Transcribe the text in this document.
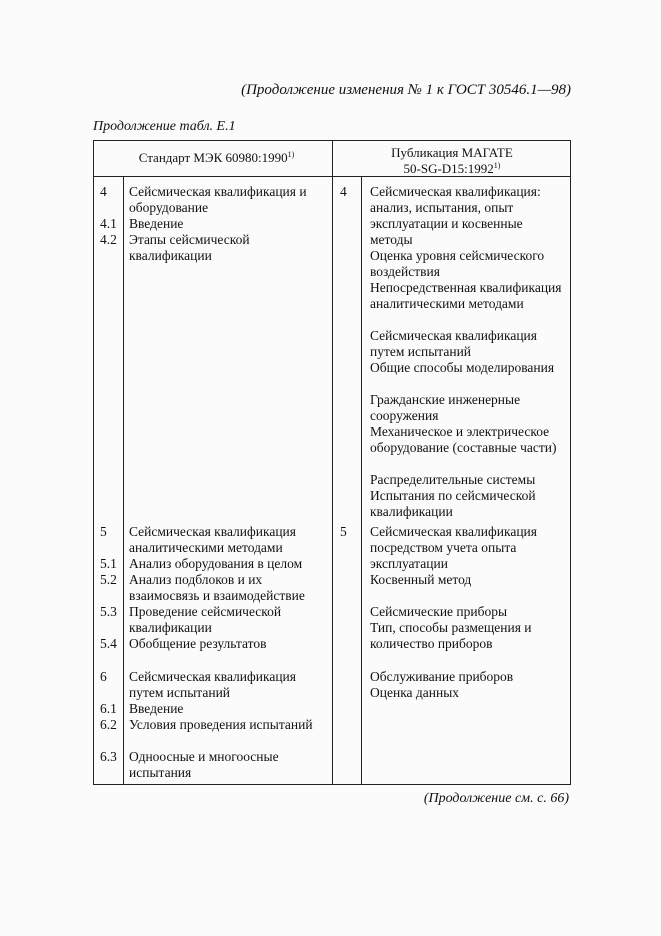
(Продолжение изменения № 1 к ГОСТ 30546.1—98)
Продолжение табл. Е.1
Стандарт МЭК 60980:1990$^{1)}$	Публикация МАГАТЕ
50-SG-D15:1992$^{1)}$
4 Сейсмическая квалификация и оборудование
4.1 Введение
4.2 Этапы сейсмической квалификации
5 Сейсмическая квалификация аналитическими методами
5.1 Анализ оборудования в целом
5.2 Анализ подблоков и их взаимосвязь и взаимодействие
5.3 Проведение сейсмической квалификации
5.4 Обобщение результатов
6 Сейсмическая квалификация путем испытаний
6.1 Введение
6.2 Условия проведения испытаний
6.3 Одноосные и многоосные испытания
4 Сейсмическая квалификация: анализ, испытания, опыт эксплуатации и косвенные методы
Оценка уровня сейсмического воздействия
Непосредственная квалификация аналитическими методами
Сейсмическая квалификация путем испытаний
Общие способы моделирования
Гражданские инженерные сооружения
Механическое и электрическое оборудование (составные части)
Распределительные системы
Испытания по сейсмической квалификации
5 Сейсмическая квалификация посредством учета опыта эксплуатации
Косвенный метод
Сейсмические приборы
Тип, способы размещения и количество приборов
Обслуживание приборов
Оценка данных
(Продолжение см. с. 66)
